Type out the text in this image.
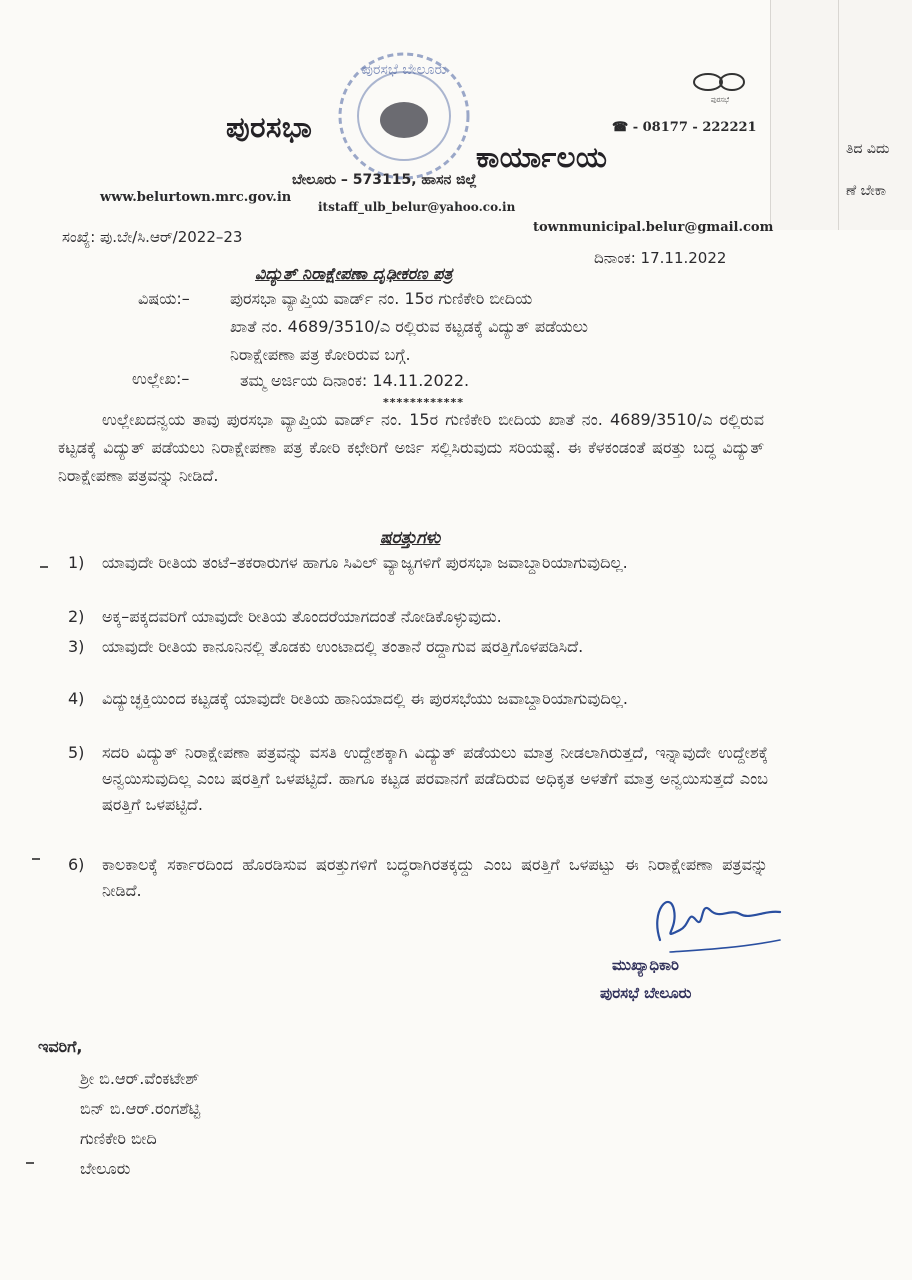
ತಿದ ವಿದು
ಣೆ ಬೇಕಾ
ಪುರಸಭೆ ಬೇಲೂರು
ಪುರಸಭೆ
ಪುರಸಭಾ
ಕಾರ್ಯಾಲಯ
☎ - 08177 - 222221
ಬೇಲೂರು – 573115, ಹಾಸನ ಜಿಲ್ಲೆ
www.belurtown.mrc.gov.in
itstaff_ulb_belur@yahoo.co.in
townmunicipal.belur@gmail.com
ಸಂಖ್ಯೆ: ಪು.ಬೇ/ಸಿ.ಆರ್/2022–23
ದಿನಾಂಕ: 17.11.2022
ವಿದ್ಯುತ್ ನಿರಾಕ್ಷೇಪಣಾ ದೃಢೀಕರಣ ಪತ್ರ
ವಿಷಯ:–	ಪುರಸಭಾ ವ್ಯಾಪ್ತಿಯ ವಾರ್ಡ್ ನಂ. 15ರ ಗುಣಿಕೇರಿ ಬೀದಿಯ
ಖಾತೆ ನಂ. 4689/3510/ಎ ರಲ್ಲಿರುವ ಕಟ್ಟಡಕ್ಕೆ ವಿದ್ಯುತ್ ಪಡೆಯಲು
ನಿರಾಕ್ಷೇಪಣಾ ಪತ್ರ ಕೋರಿರುವ ಬಗ್ಗೆ.
ಉಲ್ಲೇಖ:–	ತಮ್ಮ ಅರ್ಜಿಯ ದಿನಾಂಕ: 14.11.2022.
************
ಉಲ್ಲೇಖದನ್ವಯ ತಾವು ಪುರಸಭಾ ವ್ಯಾಪ್ತಿಯ ವಾರ್ಡ್ ನಂ. 15ರ ಗುಣಿಕೇರಿ ಬೀದಿಯ ಖಾತೆ ನಂ. 4689/3510/ಎ ರಲ್ಲಿರುವ ಕಟ್ಟಡಕ್ಕೆ ವಿದ್ಯುತ್ ಪಡೆಯಲು ನಿರಾಕ್ಷೇಪಣಾ ಪತ್ರ ಕೋರಿ ಕಛೇರಿಗೆ ಅರ್ಜಿ ಸಲ್ಲಿಸಿರುವುದು ಸರಿಯಷ್ಟೆ. ಈ ಕೆಳಕಂಡಂತೆ ಷರತ್ತು ಬದ್ಧ ವಿದ್ಯುತ್ ನಿರಾಕ್ಷೇಪಣಾ ಪತ್ರವನ್ನು ನೀಡಿದೆ.
ಷರತ್ತುಗಳು
1)	ಯಾವುದೇ ರೀತಿಯ ತಂಟೆ–ತಕರಾರುಗಳ ಹಾಗೂ ಸಿವಿಲ್ ವ್ಯಾಜ್ಯಗಳಿಗೆ ಪುರಸಭಾ ಜವಾಬ್ದಾರಿಯಾಗುವುದಿಲ್ಲ.
2)	ಅಕ್ಕ–ಪಕ್ಕದವರಿಗೆ ಯಾವುದೇ ರೀತಿಯ ತೊಂದರೆಯಾಗದಂತೆ ನೋಡಿಕೊಳ್ಳುವುದು.
3)	ಯಾವುದೇ ರೀತಿಯ ಕಾನೂನಿನಲ್ಲಿ ತೊಡಕು ಉಂಟಾದಲ್ಲಿ ತಂತಾನೆ ರದ್ದಾಗುವ ಷರತ್ತಿಗೊಳಪಡಿಸಿದೆ.
4)	ವಿದ್ಯುಚ್ಛಕ್ತಿಯಿಂದ ಕಟ್ಟಡಕ್ಕೆ ಯಾವುದೇ ರೀತಿಯ ಹಾನಿಯಾದಲ್ಲಿ ಈ ಪುರಸಭೆಯು ಜವಾಬ್ದಾರಿಯಾಗುವುದಿಲ್ಲ.
5)	ಸದರಿ ವಿದ್ಯುತ್ ನಿರಾಕ್ಷೇಪಣಾ ಪತ್ರವನ್ನು ವಸತಿ ಉದ್ದೇಶಕ್ಕಾಗಿ ವಿದ್ಯುತ್ ಪಡೆಯಲು ಮಾತ್ರ ನೀಡಲಾಗಿರುತ್ತದೆ, ಇನ್ನಾವುದೇ ಉದ್ದೇಶಕ್ಕೆ ಅನ್ವಯಿಸುವುದಿಲ್ಲ ಎಂಬ ಷರತ್ತಿಗೆ ಒಳಪಟ್ಟಿದೆ. ಹಾಗೂ ಕಟ್ಟಡ ಪರವಾನಗೆ ಪಡೆದಿರುವ ಅಧಿಕೃತ ಅಳತೆಗೆ ಮಾತ್ರ ಅನ್ವಯಿಸುತ್ತದೆ ಎಂಬ ಷರತ್ತಿಗೆ ಒಳಪಟ್ಟಿದೆ.
6)	ಕಾಲಕಾಲಕ್ಕೆ ಸರ್ಕಾರದಿಂದ ಹೊರಡಿಸುವ ಷರತ್ತುಗಳಿಗೆ ಬದ್ಧರಾಗಿರತಕ್ಕದ್ದು ಎಂಬ ಷರತ್ತಿಗೆ ಒಳಪಟ್ಟು ಈ ನಿರಾಕ್ಷೇಪಣಾ ಪತ್ರವನ್ನು ನೀಡಿದೆ.
ಮುಖ್ಯಾಧಿಕಾರಿ
ಪುರಸಭೆ ಬೇಲೂರು
ಇವರಿಗೆ,
ಶ್ರೀ ಬಿ.ಆರ್.ವೆಂಕಟೇಶ್
ಬಿನ್ ಬಿ.ಆರ್.ರಂಗಶೆಟ್ಟಿ
ಗುಣಿಕೇರಿ ಬೀದಿ
ಬೇಲೂರು
